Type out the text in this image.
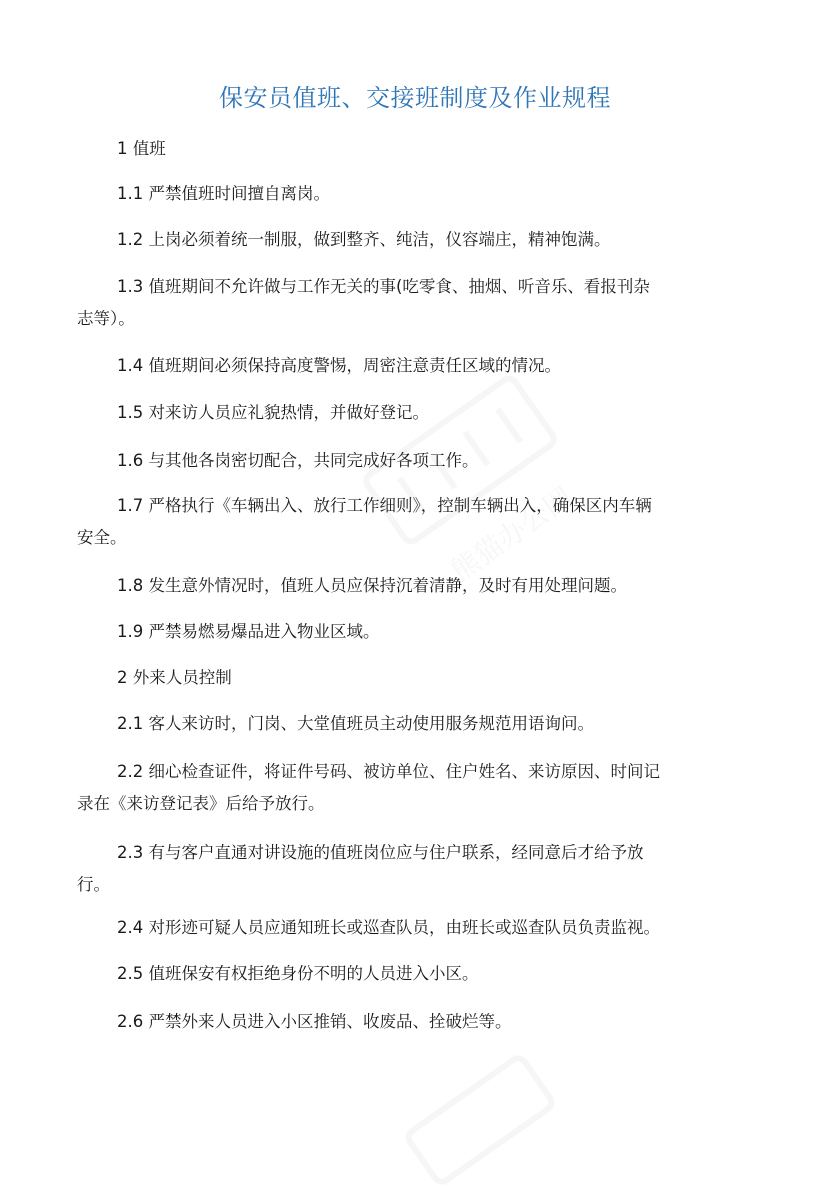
熊猫办公网
保安员值班、交接班制度及作业规程
1 值班
1.1 严禁值班时间擅自离岗。
1.2 上岗必须着统一制服，做到整齐、纯洁，仪容端庄，精神饱满。
1.3 值班期间不允许做与工作无关的事(吃零食、抽烟、听音乐、看报刊杂
志等）。
1.4 值班期间必须保持高度警惕，周密注意责任区域的情况。
1.5 对来访人员应礼貌热情，并做好登记。
1.6 与其他各岗密切配合，共同完成好各项工作。
1.7 严格执行《车辆出入、放行工作细则》，控制车辆出入，确保区内车辆
安全。
1.8 发生意外情况时，值班人员应保持沉着清静，及时有用处理问题。
1.9 严禁易燃易爆品进入物业区域。
2 外来人员控制
2.1 客人来访时，门岗、大堂值班员主动使用服务规范用语询问。
2.2 细心检查证件，将证件号码、被访单位、住户姓名、来访原因、时间记
录在《来访登记表》后给予放行。
2.3 有与客户直通对讲设施的值班岗位应与住户联系，经同意后才给予放
行。
2.4 对形迹可疑人员应通知班长或巡查队员，由班长或巡查队员负责监视。
2.5 值班保安有权拒绝身份不明的人员进入小区。
2.6 严禁外来人员进入小区推销、收废品、拴破烂等。
